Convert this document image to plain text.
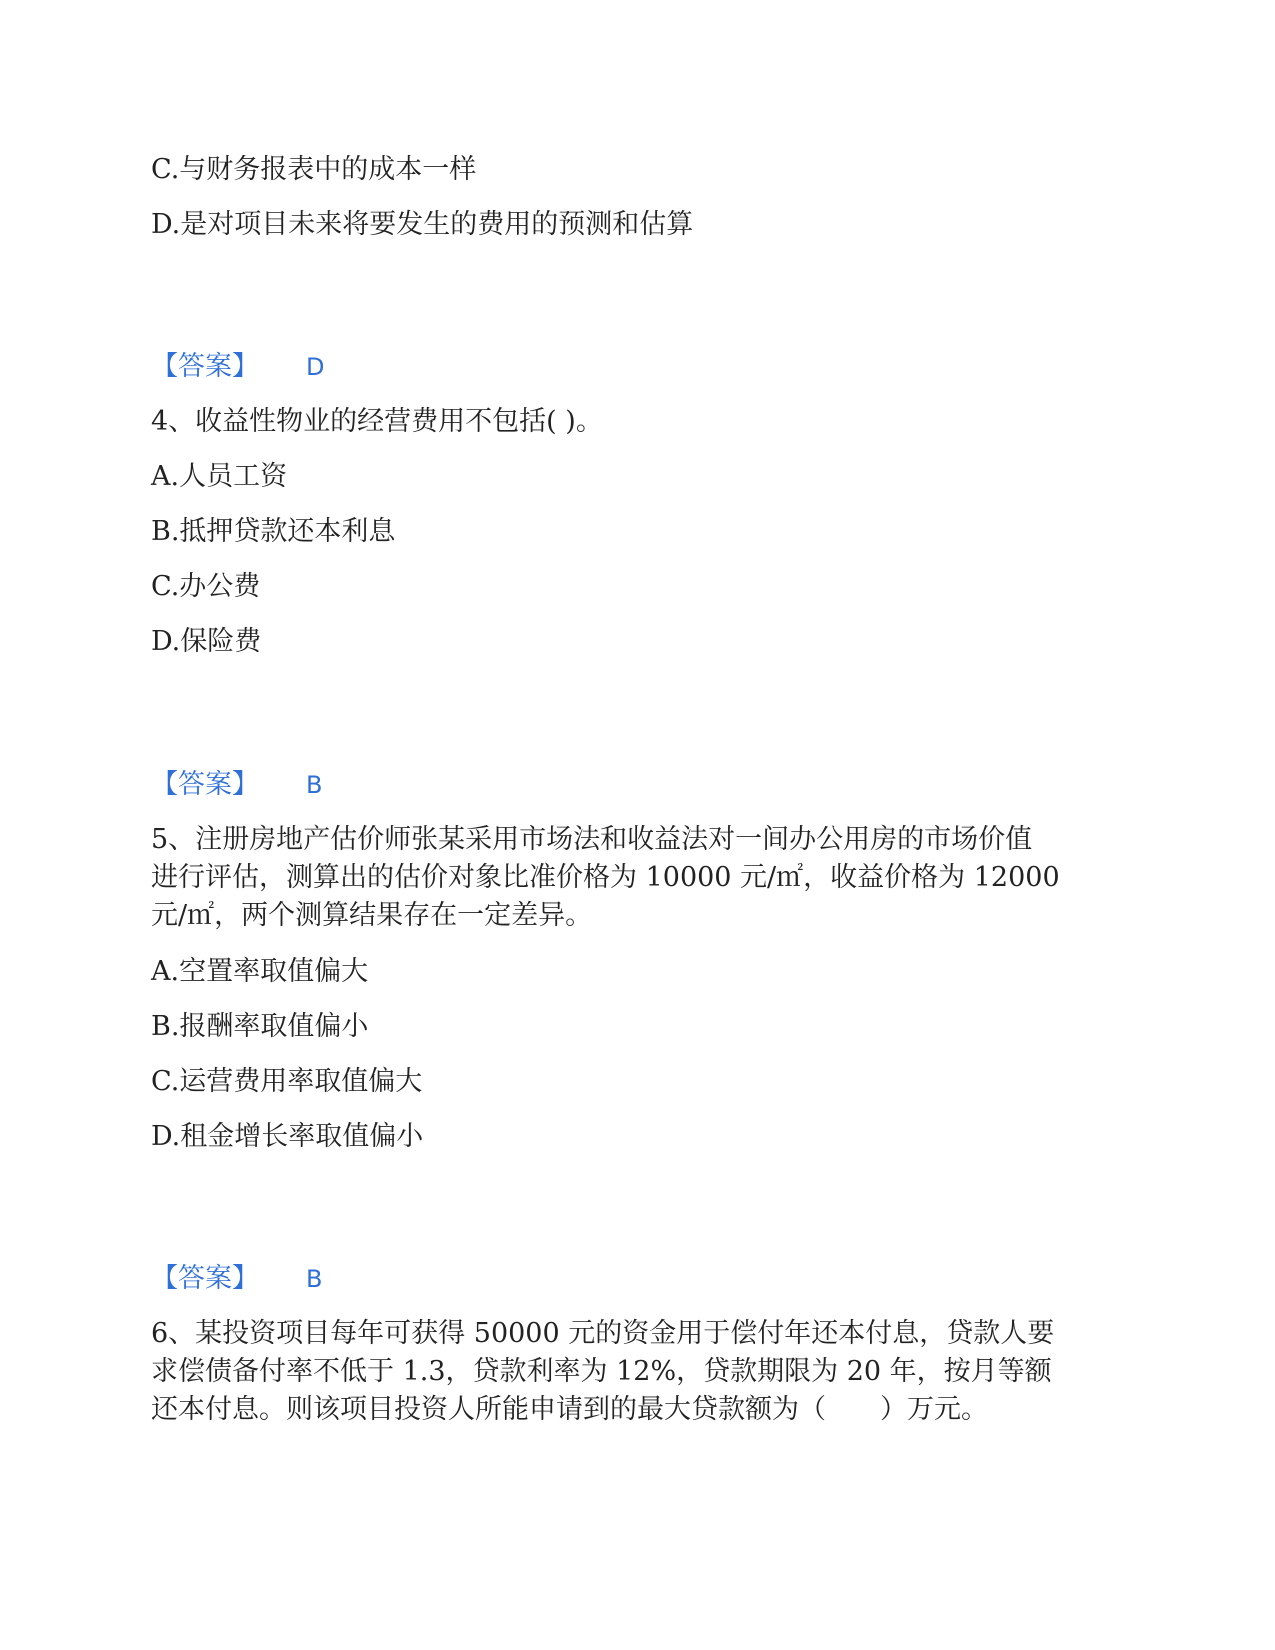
C.与财务报表中的成本一样
D.是对项目未来将要发生的费用的预测和估算
【答案】 D
4、收益性物业的经营费用不包括( )。
A.人员工资
B.抵押贷款还本利息
C.办公费
D.保险费
【答案】 B
5、注册房地产估价师张某采用市场法和收益法对一间办公用房的市场价值
进行评估，测算出的估价对象比准价格为 10000 元/㎡，收益价格为 12000
元/㎡，两个测算结果存在一定差异。
A.空置率取值偏大
B.报酬率取值偏小
C.运营费用率取值偏大
D.租金增长率取值偏小
【答案】 B
6、某投资项目每年可获得 50000 元的资金用于偿付年还本付息，贷款人要
求偿债备付率不低于 1.3，贷款利率为 12%，贷款期限为 20 年，按月等额
还本付息。则该项目投资人所能申请到的最大贷款额为（　　）万元。
